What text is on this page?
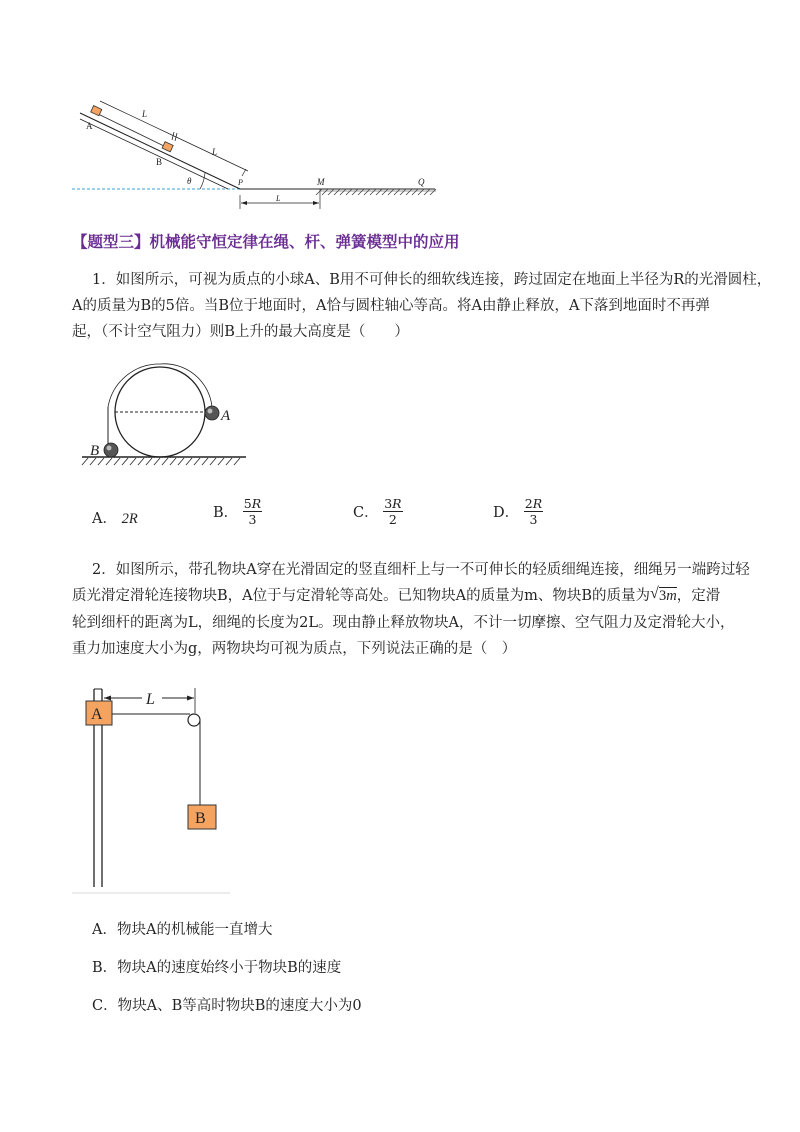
A
B
L
L
θ	P	M	Q
L
【题型三】机械能守恒定律在绳、杆、弹簧模型中的应用
1．如图所示，可视为质点的小球A、B用不可伸长的细软线连接，跨过固定在地面上半径为R的光滑圆柱，
A的质量为B的5倍。当B位于地面时，A恰与圆柱轴心等高。将A由静止释放，A下落到地面时不再弹
起，（不计空气阻力）则B上升的最大高度是（　　）
A
B
A． 2R	B． $\frac{5R}{3}$	C． $\frac{3R}{2}$	D． $\frac{2R}{3}$
2．如图所示，带孔物块A穿在光滑固定的竖直细杆上与一不可伸长的轻质细绳连接，细绳另一端跨过轻
质光滑定滑轮连接物块B，A位于与定滑轮等高处。已知物块A的质量为m、物块B的质量为√ 3m，定滑
轮到细杆的距离为L，细绳的长度为2L。现由静止释放物块A，不计一切摩擦、空气阻力及定滑轮大小，
重力加速度大小为g，两物块均可视为质点，下列说法正确的是（　）
A
B
L
A．物块A的机械能一直增大
B．物块A的速度始终小于物块B的速度
C．物块A、B等高时物块B的速度大小为0
